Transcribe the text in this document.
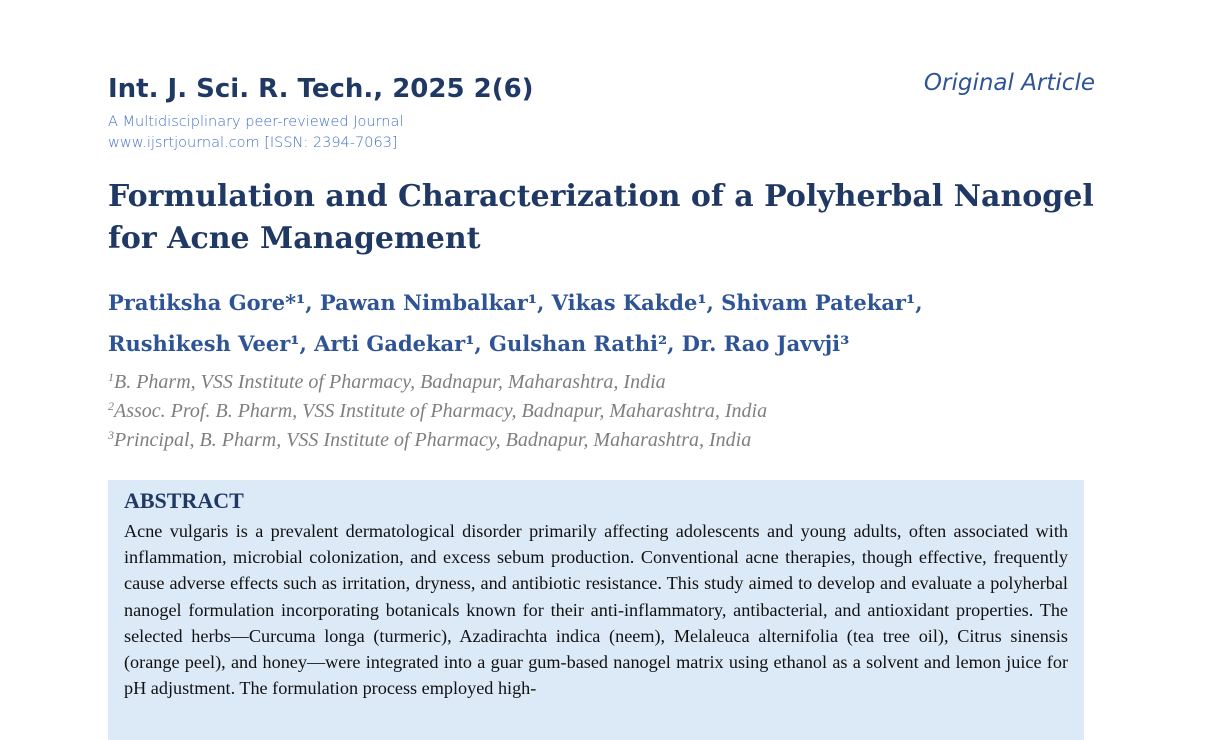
Int. J. Sci. R. Tech., 2025 2(6)	Original Article
A Multidisciplinary peer-reviewed Journal
www.ijsrtjournal.com [ISSN: 2394-7063]
Formulation and Characterization of a Polyherbal Nanogel for Acne Management
Pratiksha Gore*¹, Pawan Nimbalkar¹, Vikas Kakde¹, Shivam Patekar¹,
Rushikesh Veer¹, Arti Gadekar¹, Gulshan Rathi², Dr. Rao Javvji³
$^1$B. Pharm, VSS Institute of Pharmacy, Badnapur, Maharashtra, India
$^2$Assoc. Prof. B. Pharm, VSS Institute of Pharmacy, Badnapur, Maharashtra, India
$^3$Principal, B. Pharm, VSS Institute of Pharmacy, Badnapur, Maharashtra, India
ABSTRACT

Acne vulgaris is a prevalent dermatological disorder primarily affecting adolescents and young adults, often associated with inflammation, microbial colonization, and excess sebum production. Conventional acne therapies, though effective, frequently cause adverse effects such as irritation, dryness, and antibiotic resistance. This study aimed to develop and evaluate a polyherbal nanogel formulation incorporating botanicals known for their anti-inflammatory, antibacterial, and antioxidant properties. The selected herbs—Curcuma longa (turmeric), Azadirachta indica (neem), Melaleuca alternifolia (tea tree oil), Citrus sinensis (orange peel), and honey—were integrated into a guar gum-based nanogel matrix using ethanol as a solvent and lemon juice for pH adjustment. The formulation process employed high-
